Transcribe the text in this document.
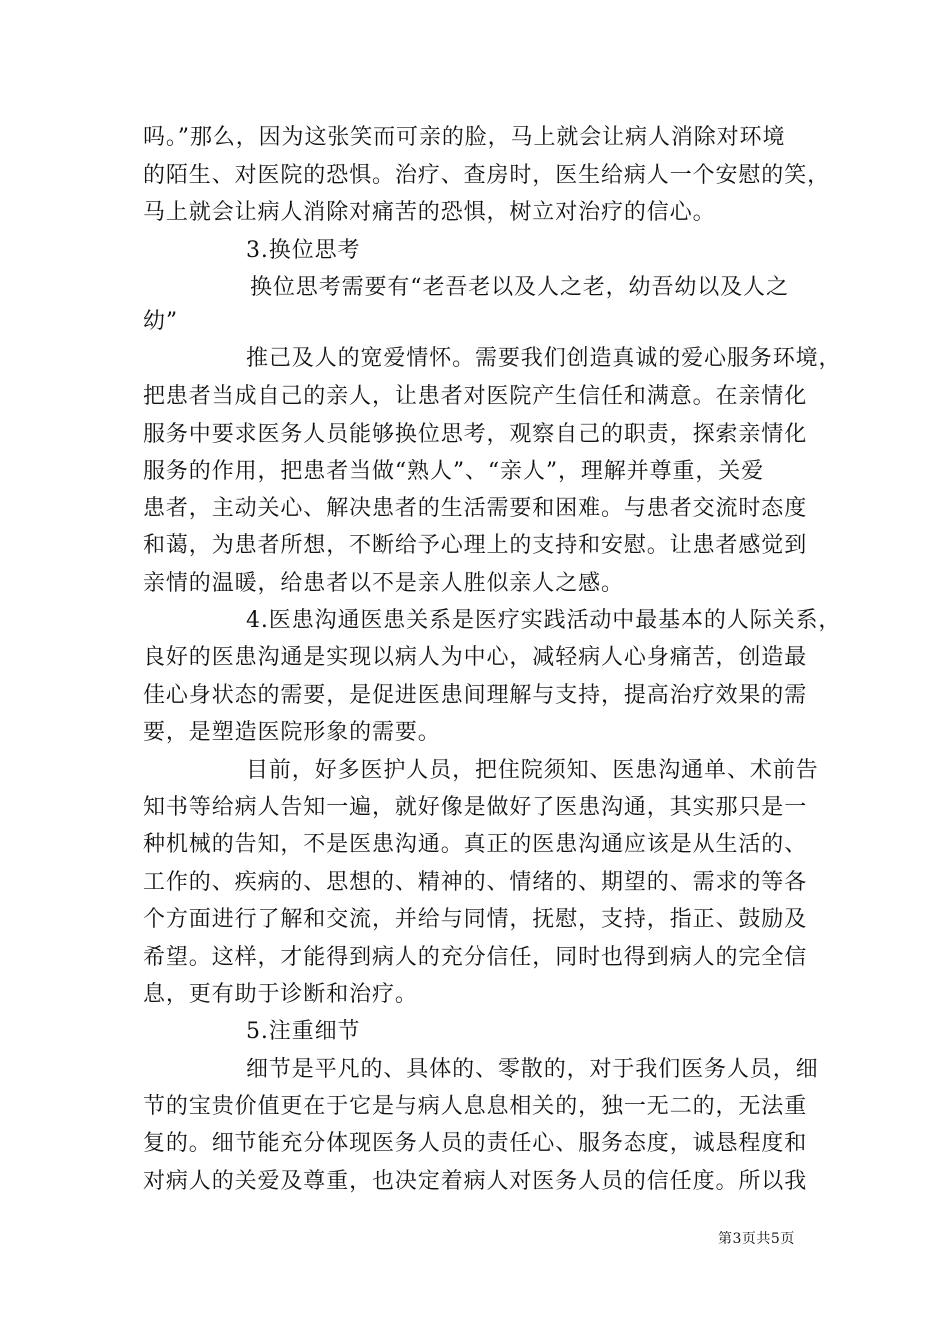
吗。”那么，因为这张笑而可亲的脸，马上就会让病人消除对环境
的陌生、对医院的恐惧。治疗、查房时，医生给病人一个安慰的笑，
马上就会让病人消除对痛苦的恐惧，树立对治疗的信心。
3.换位思考
换位思考需要有“老吾老以及人之老，幼吾幼以及人之
幼”
推己及人的宽爱情怀。需要我们创造真诚的爱心服务环境，
把患者当成自己的亲人，让患者对医院产生信任和满意。在亲情化
服务中要求医务人员能够换位思考，观察自己的职责，探索亲情化
服务的作用，把患者当做“熟人”、“亲人”，理解并尊重，关爱
患者，主动关心、解决患者的生活需要和困难。与患者交流时态度
和蔼，为患者所想，不断给予心理上的支持和安慰。让患者感觉到
亲情的温暖，给患者以不是亲人胜似亲人之感。
4.医患沟通医患关系是医疗实践活动中最基本的人际关系，
良好的医患沟通是实现以病人为中心，减轻病人心身痛苦，创造最
佳心身状态的需要，是促进医患间理解与支持，提高治疗效果的需
要，是塑造医院形象的需要。
目前，好多医护人员，把住院须知、医患沟通单、术前告
知书等给病人告知一遍，就好像是做好了医患沟通，其实那只是一
种机械的告知，不是医患沟通。真正的医患沟通应该是从生活的、
工作的、疾病的、思想的、精神的、情绪的、期望的、需求的等各
个方面进行了解和交流，并给与同情，抚慰，支持，指正、鼓励及
希望。这样，才能得到病人的充分信任，同时也得到病人的完全信
息，更有助于诊断和治疗。
5.注重细节
细节是平凡的、具体的、零散的，对于我们医务人员，细
节的宝贵价值更在于它是与病人息息相关的，独一无二的，无法重
复的。细节能充分体现医务人员的责任心、服务态度，诚恳程度和
对病人的关爱及尊重，也决定着病人对医务人员的信任度。所以我
第3页共5页
